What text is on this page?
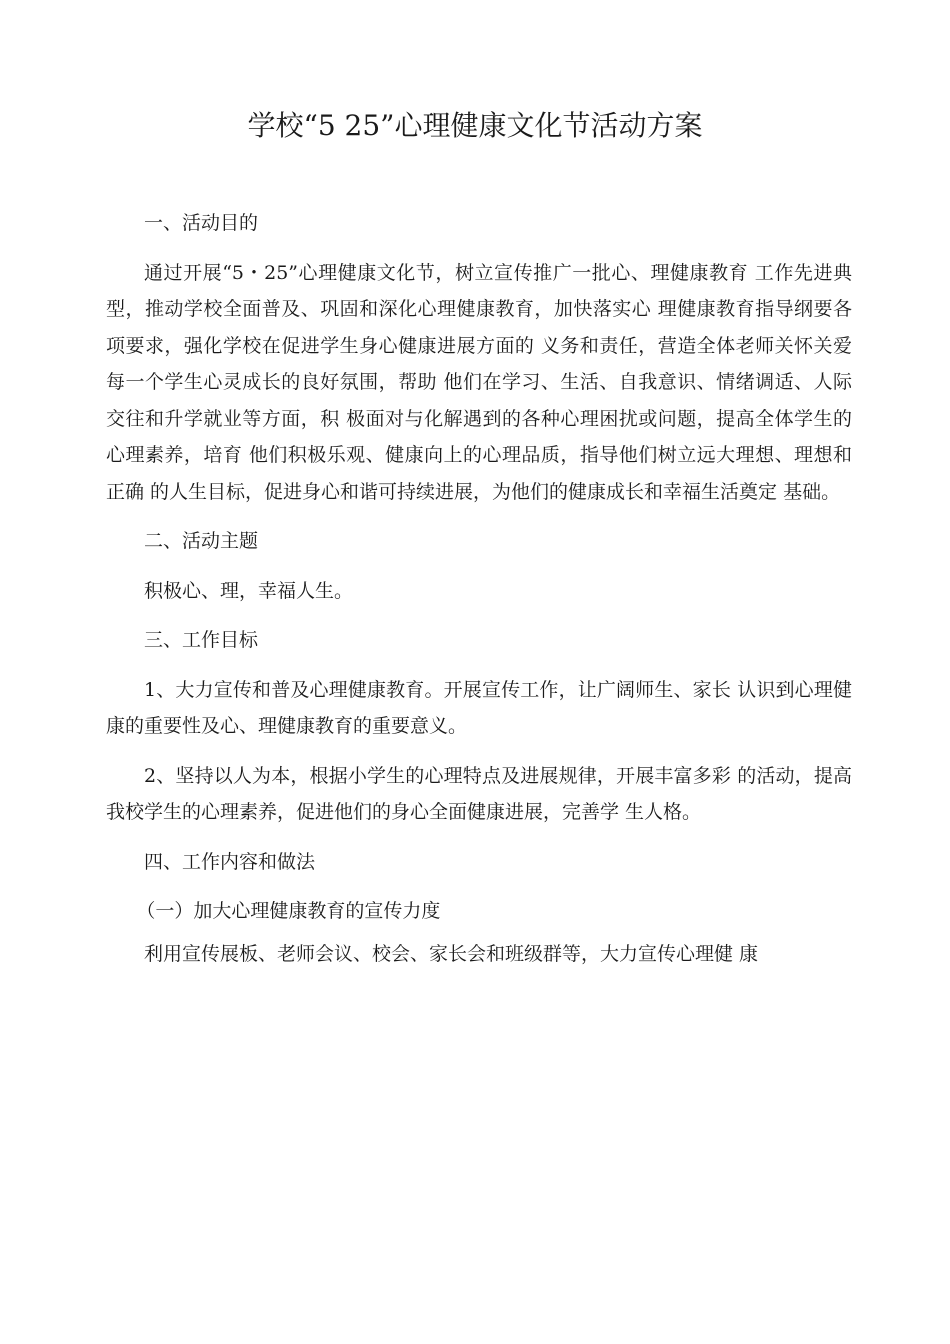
学校“5 25”心理健康文化节活动方案

一、活动目的

通过开展“5・25”心理健康文化节，树立宣传推广一批心、理健康教育 工作先进典型，推动学校全面普及、巩固和深化心理健康教育，加快落实心 理健康教育指导纲要各项要求，强化学校在促进学生身心健康进展方面的 义务和责任，营造全体老师关怀关爱每一个学生心灵成长的良好氛围，帮助 他们在学习、生活、自我意识、情绪调适、人际交往和升学就业等方面，积 极面对与化解遇到的各种心理困扰或问题，提高全体学生的心理素养，培育 他们积极乐观、健康向上的心理品质，指导他们树立远大理想、理想和正确 的人生目标，促进身心和谐可持续进展，为他们的健康成长和幸福生活奠定 基础。

二、活动主题

积极心、理，幸福人生。

三、工作目标

1、大力宣传和普及心理健康教育。开展宣传工作，让广阔师生、家长 认识到心理健康的重要性及心、理健康教育的重要意义。

2、坚持以人为本，根据小学生的心理特点及进展规律，开展丰富多彩 的活动，提高我校学生的心理素养，促进他们的身心全面健康进展，完善学 生人格。

四、工作内容和做法

（一）加大心理健康教育的宣传力度

利用宣传展板、老师会议、校会、家长会和班级群等，大力宣传心理健 康
